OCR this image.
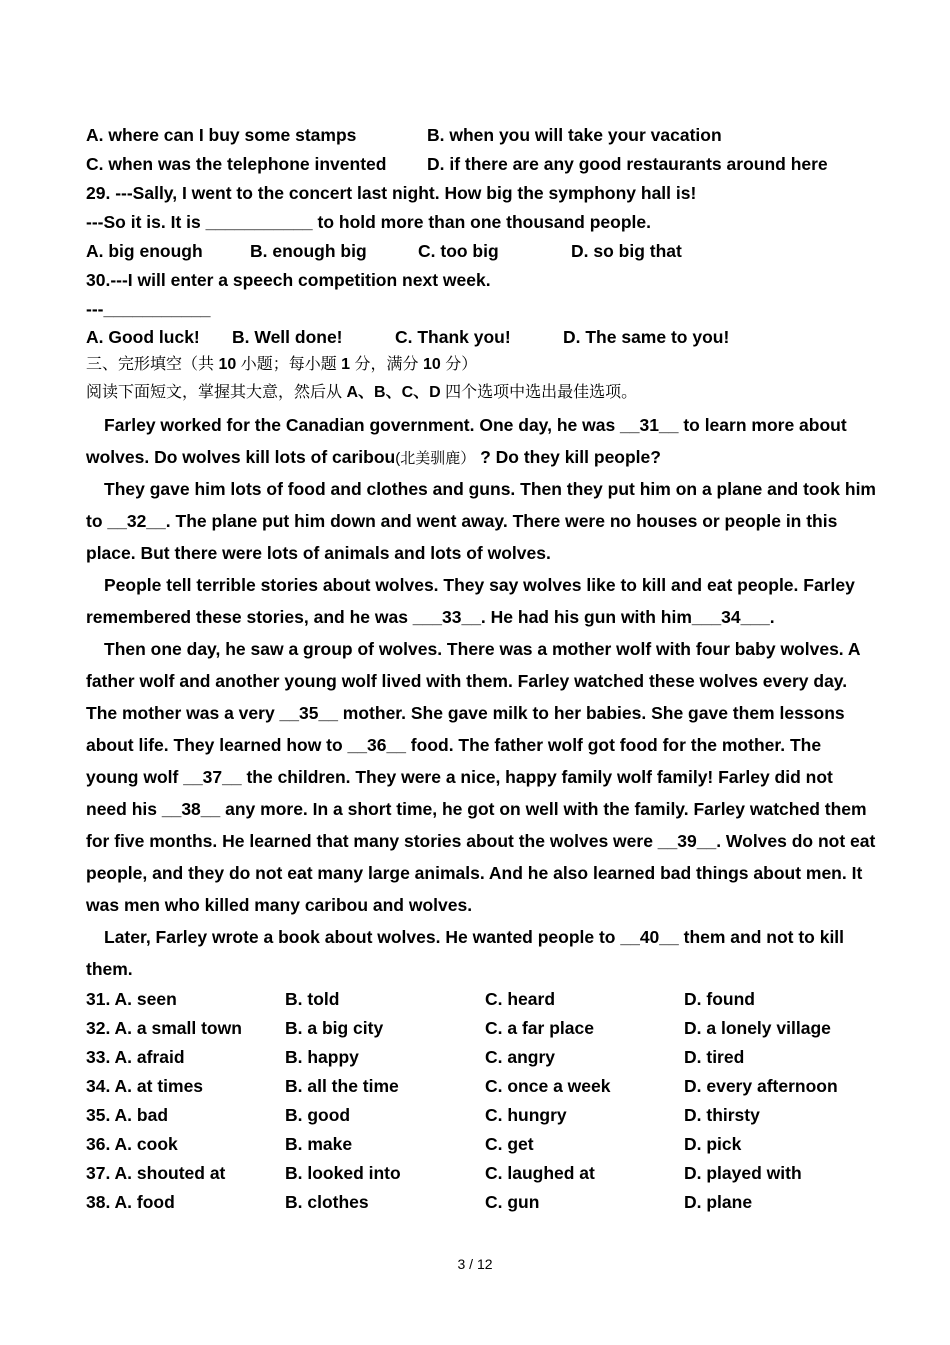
A. where can I buy some stamps	B. when you will take your vacation
C. when was the telephone invented D. if there are any good restaurants around here
29. ---Sally, I went to the concert last night. How big the symphony hall is!
---So it is. It is ___________ to hold more than one thousand people.
A. big enough	B. enough big	C. too big	D. so big that
30.---I will enter a speech competition next week.
---___________
A. Good luck! B. Well done!	C. Thank you!	D. The same to you!
三、完形填空（共 10 小题；每小题 1 分，满分 10 分）
阅读下面短文，掌握其大意，然后从 A、B、C、D 四个选项中选出最佳选项。
Farley worked for the Canadian government. One day, he was __31__ to learn more about
wolves. Do wolves kill lots of caribou(北美驯鹿） ? Do they kill people?
They gave him lots of food and clothes and guns. Then they put him on a plane and took him
to __32__. The plane put him down and went away. There were no houses or people in this
place. But there were lots of animals and lots of wolves.
People tell terrible stories about wolves. They say wolves like to kill and eat people. Farley
remembered these stories, and he was ___33__. He had his gun with him___34___.
Then one day, he saw a group of wolves. There was a mother wolf with four baby wolves. A
father wolf and another young wolf lived with them. Farley watched these wolves every day.
The mother was a very __35__ mother. She gave milk to her babies. She gave them lessons
about life. They learned how to __36__ food. The father wolf got food for the mother. The
young wolf __37__ the children. They were a nice, happy family wolf family! Farley did not
need his __38__ any more. In a short time, he got on well with the family. Farley watched them
for five months. He learned that many stories about the wolves were __39__. Wolves do not eat
people, and they do not eat many large animals. And he also learned bad things about men. It
was men who killed many caribou and wolves.
Later, Farley wrote a book about wolves. He wanted people to __40__ them and not to kill
them.
31. A. seen	B. told	C. heard	D. found
32. A. a small town B. a big city	C. a far place	D. a lonely village
33. A. afraid	B. happy	C. angry	D. tired
34. A. at times	B. all the time	C. once a week	D. every afternoon
35. A. bad	B. good	C. hungry	D. thirsty
36. A. cook	B. make	C. get	D. pick
37. A. shouted at	B. looked into	C. laughed at	D. played with
38. A. food	B. clothes	C. gun	D. plane
3 / 12
